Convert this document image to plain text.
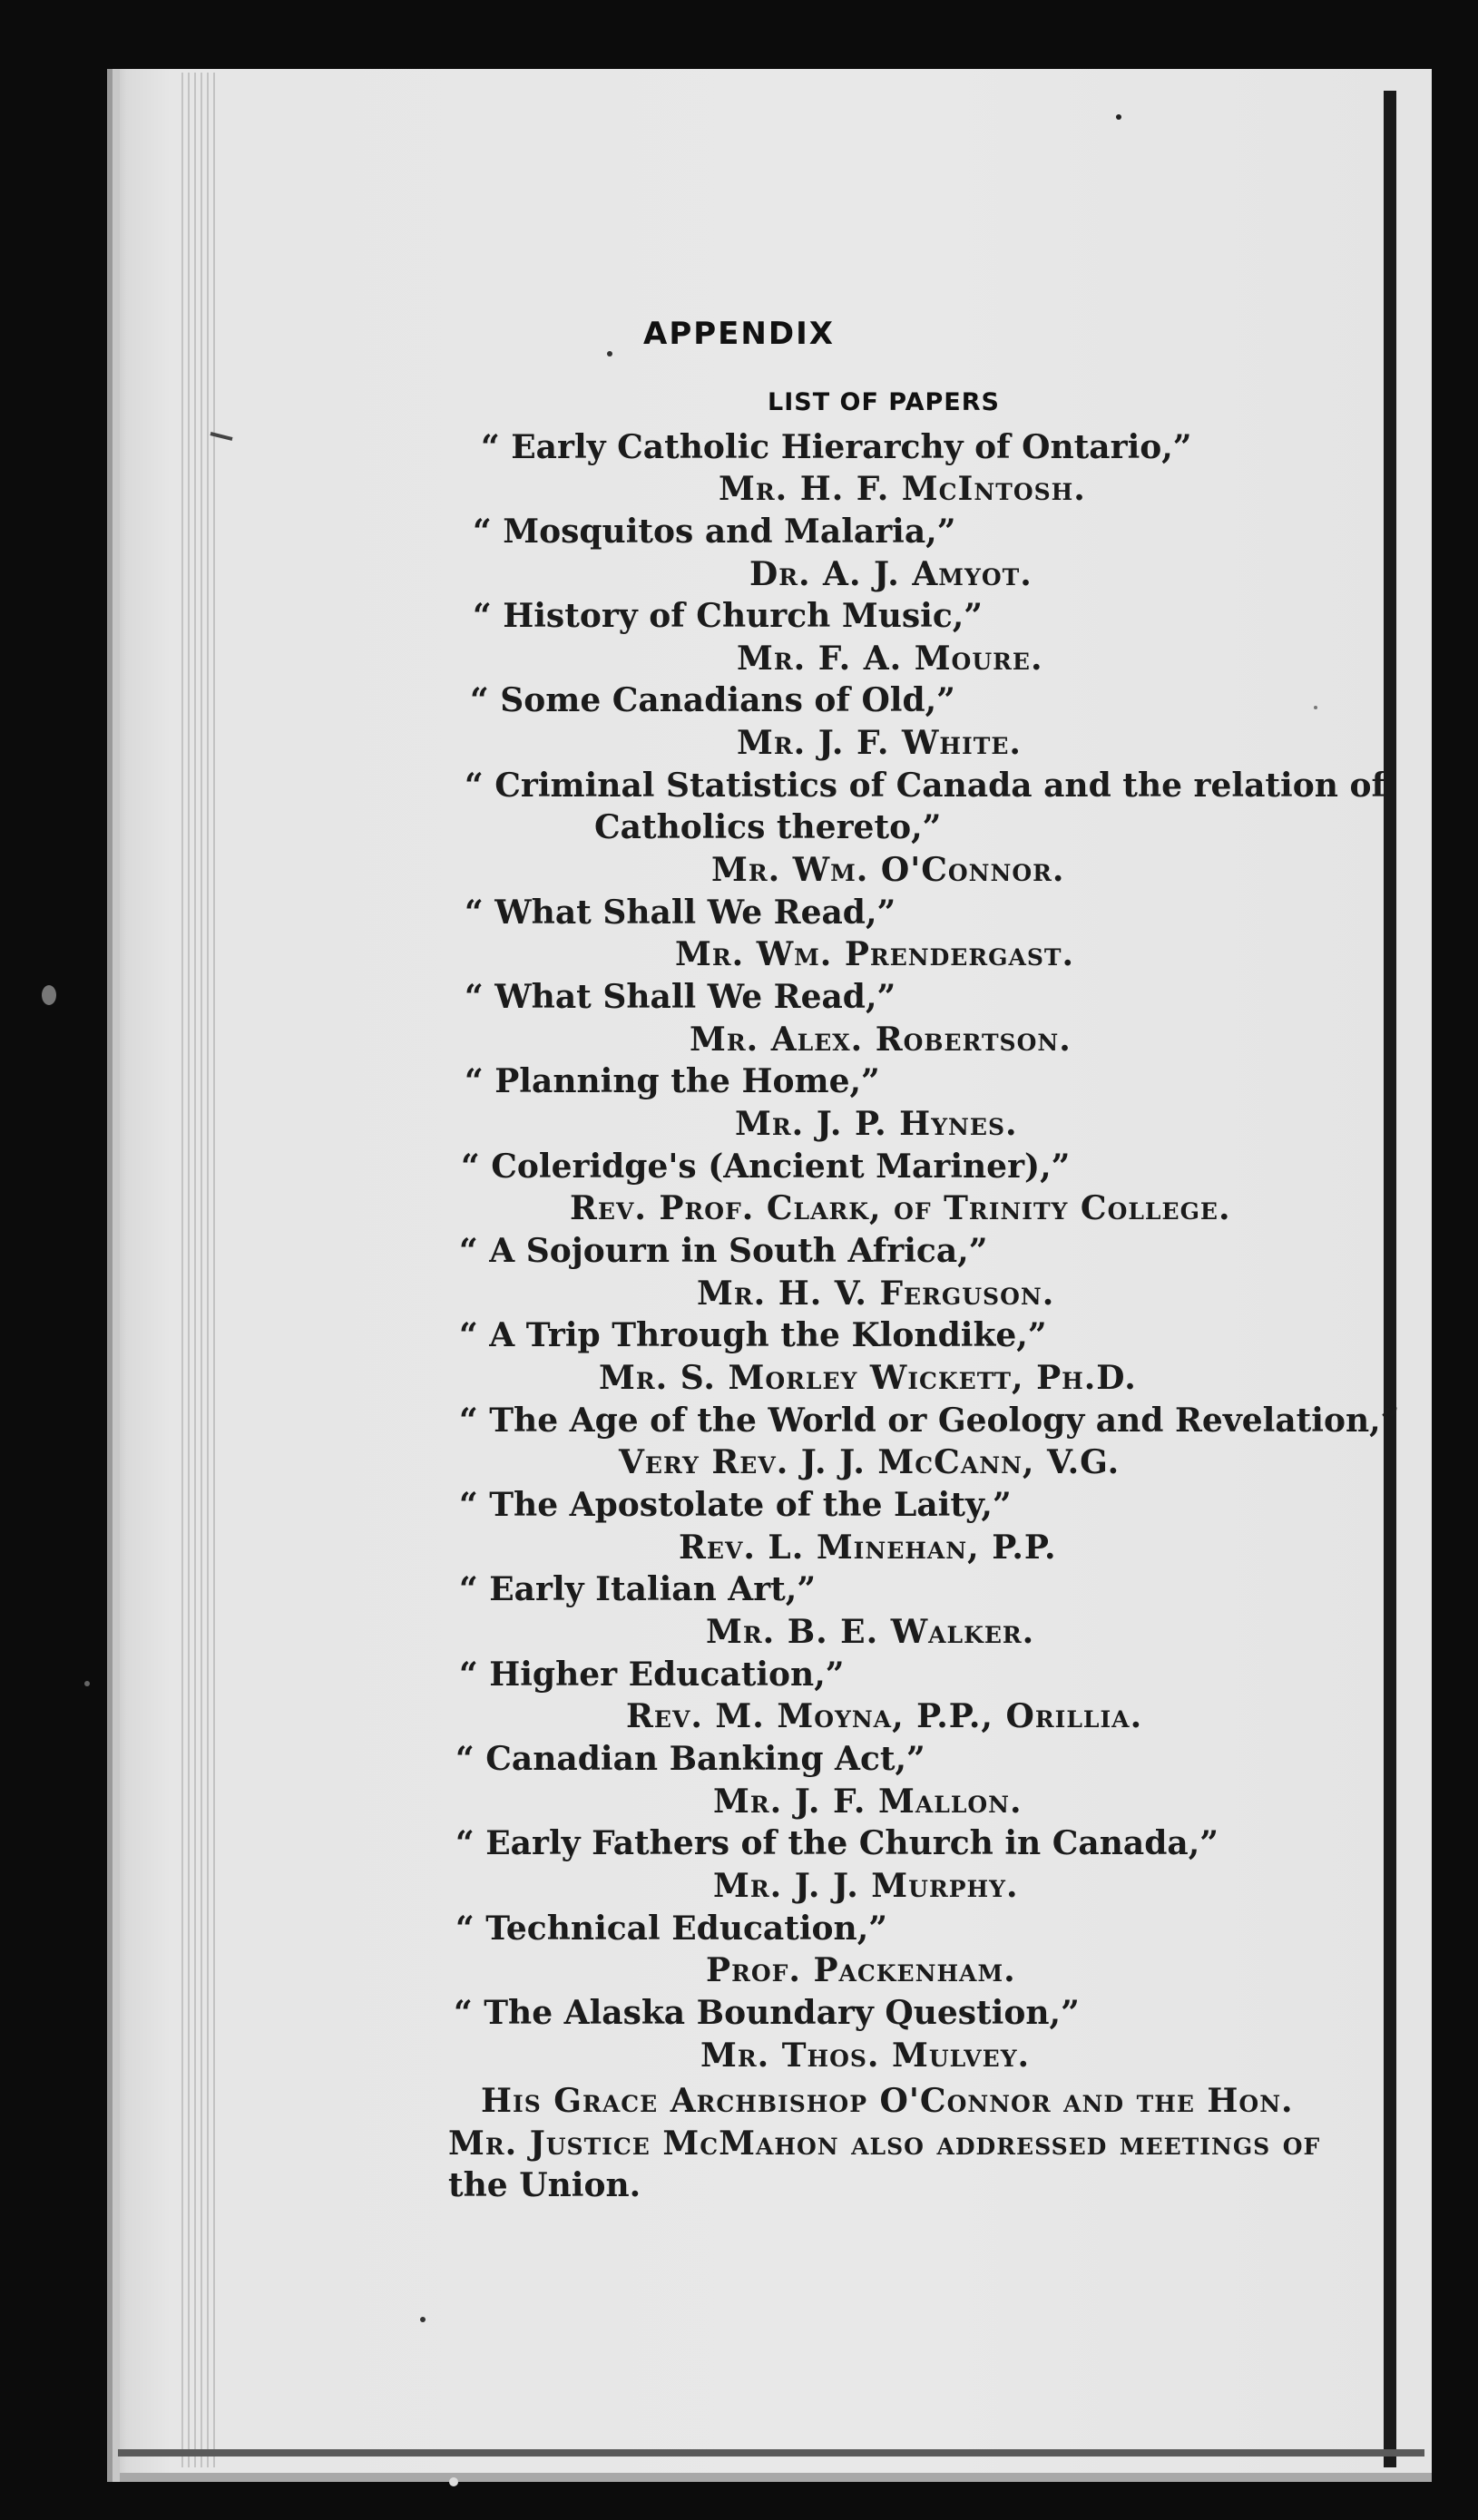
APPENDIX
LIST OF PAPERS
“ Early Catholic Hierarchy of Ontario,”
Mr. H. F. McIntosh.
“ Mosquitos and Malaria,”
Dr. A. J. Amyot.
“ History of Church Music,”
Mr. F. A. Moure.
“ Some Canadians of Old,”
Mr. J. F. White.
“ Criminal Statistics of Canada and the relation of
Catholics thereto,”
Mr. Wm. O'Connor.
“ What Shall We Read,”
Mr. Wm. Prendergast.
“ What Shall We Read,”
Mr. Alex. Robertson.
“ Planning the Home,”
Mr. J. P. Hynes.
“ Coleridge's (Ancient Mariner),”
Rev. Prof. Clark, of Trinity College.
“ A Sojourn in South Africa,”
Mr. H. V. Ferguson.
“ A Trip Through the Klondike,”
Mr. S. Morley Wickett, Ph.D.
“ The Age of the World or Geology and Revelation,”
Very Rev. J. J. McCann, V.G.
“ The Apostolate of the Laity,”
Rev. L. Minehan, P.P.
“ Early Italian Art,”
Mr. B. E. Walker.
“ Higher Education,”
Rev. M. Moyna, P.P., Orillia.
“ Canadian Banking Act,”
Mr. J. F. Mallon.
“ Early Fathers of the Church in Canada,”
Mr. J. J. Murphy.
“ Technical Education,”
Prof. Packenham.
“ The Alaska Boundary Question,”
Mr. Thos. Mulvey.
His Grace Archbishop O'Connor and the Hon.
Mr. Justice McMahon also addressed meetings of
the Union.
